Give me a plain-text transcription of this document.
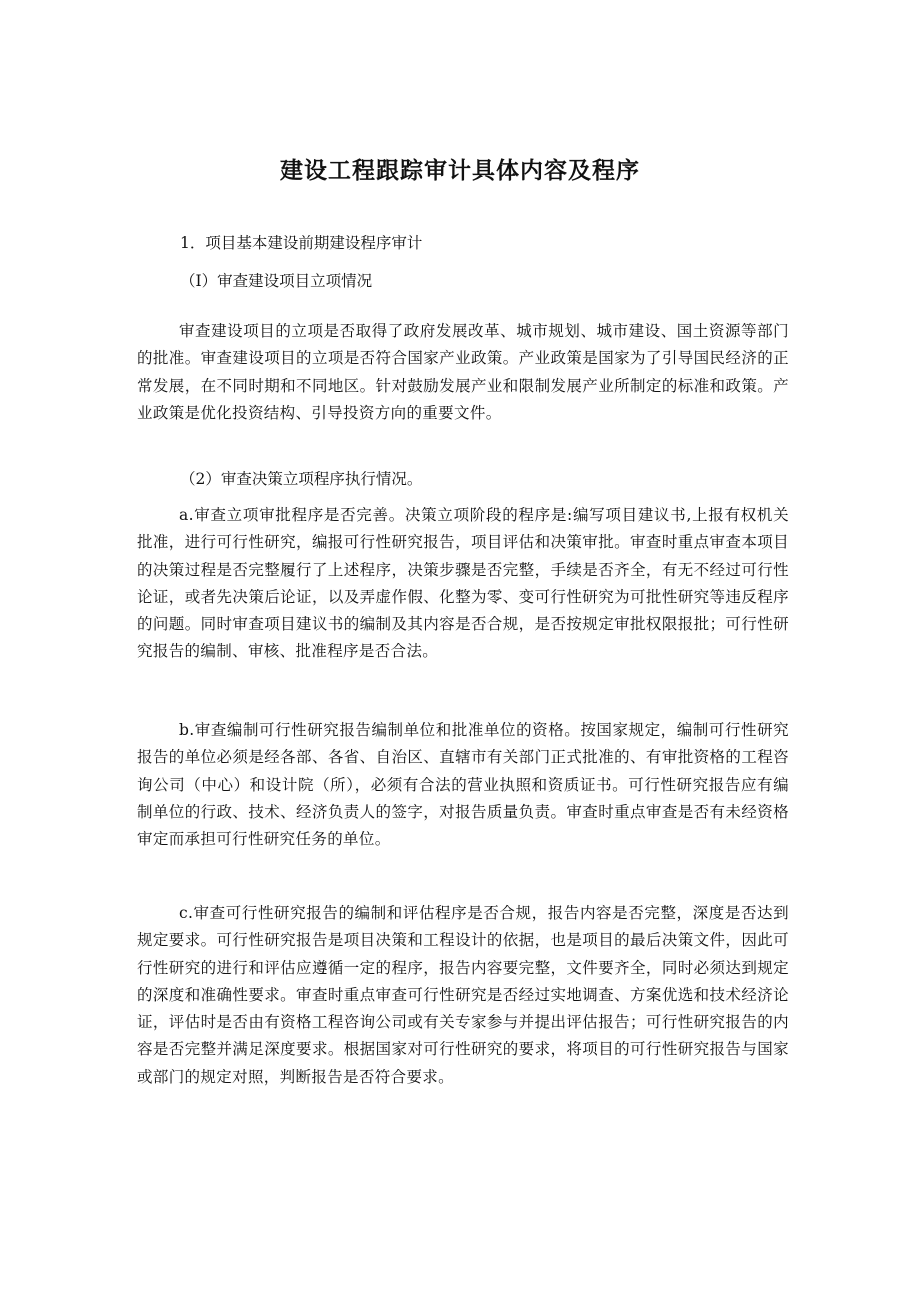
建设工程跟踪审计具体内容及程序

1．项目基本建设前期建设程序审计

（I）审查建设项目立项情况

审查建设项目的立项是否取得了政府发展改革、城市规划、城市建设、国土资源等部门的批准。审查建设项目的立项是否符合国家产业政策。产业政策是国家为了引导国民经济的正常发展，在不同时期和不同地区。针对鼓励发展产业和限制发展产业所制定的标准和政策。产业政策是优化投资结构、引导投资方向的重要文件。

（2）审查决策立项程序执行情况。

a.审查立项审批程序是否完善。决策立项阶段的程序是:编写项目建议书,上报有权机关批准，进行可行性研究，编报可行性研究报告，项目评估和决策审批。审查时重点审查本项目的决策过程是否完整履行了上述程序，决策步骤是否完整，手续是否齐全，有无不经过可行性论证，或者先决策后论证，以及弄虚作假、化整为零、变可行性研究为可批性研究等违反程序的问题。同时审查项目建议书的编制及其内容是否合规，是否按规定审批权限报批；可行性研究报告的编制、审核、批准程序是否合法。

b.审查编制可行性研究报告编制单位和批准单位的资格。按国家规定，编制可行性研究报告的单位必须是经各部、各省、自治区、直辖市有关部门正式批准的、有审批资格的工程咨询公司（中心）和设计院（所），必须有合法的营业执照和资质证书。可行性研究报告应有编制单位的行政、技术、经济负责人的签字，对报告质量负责。审查时重点审查是否有未经资格审定而承担可行性研究任务的单位。

c.审查可行性研究报告的编制和评估程序是否合规，报告内容是否完整，深度是否达到规定要求。可行性研究报告是项目决策和工程设计的依据，也是项目的最后决策文件，因此可行性研究的进行和评估应遵循一定的程序，报告内容要完整，文件要齐全，同时必须达到规定的深度和准确性要求。审查时重点审查可行性研究是否经过实地调查、方案优选和技术经济论证，评估时是否由有资格工程咨询公司或有关专家参与并提出评估报告；可行性研究报告的内容是否完整并满足深度要求。根据国家对可行性研究的要求，将项目的可行性研究报告与国家或部门的规定对照，判断报告是否符合要求。
